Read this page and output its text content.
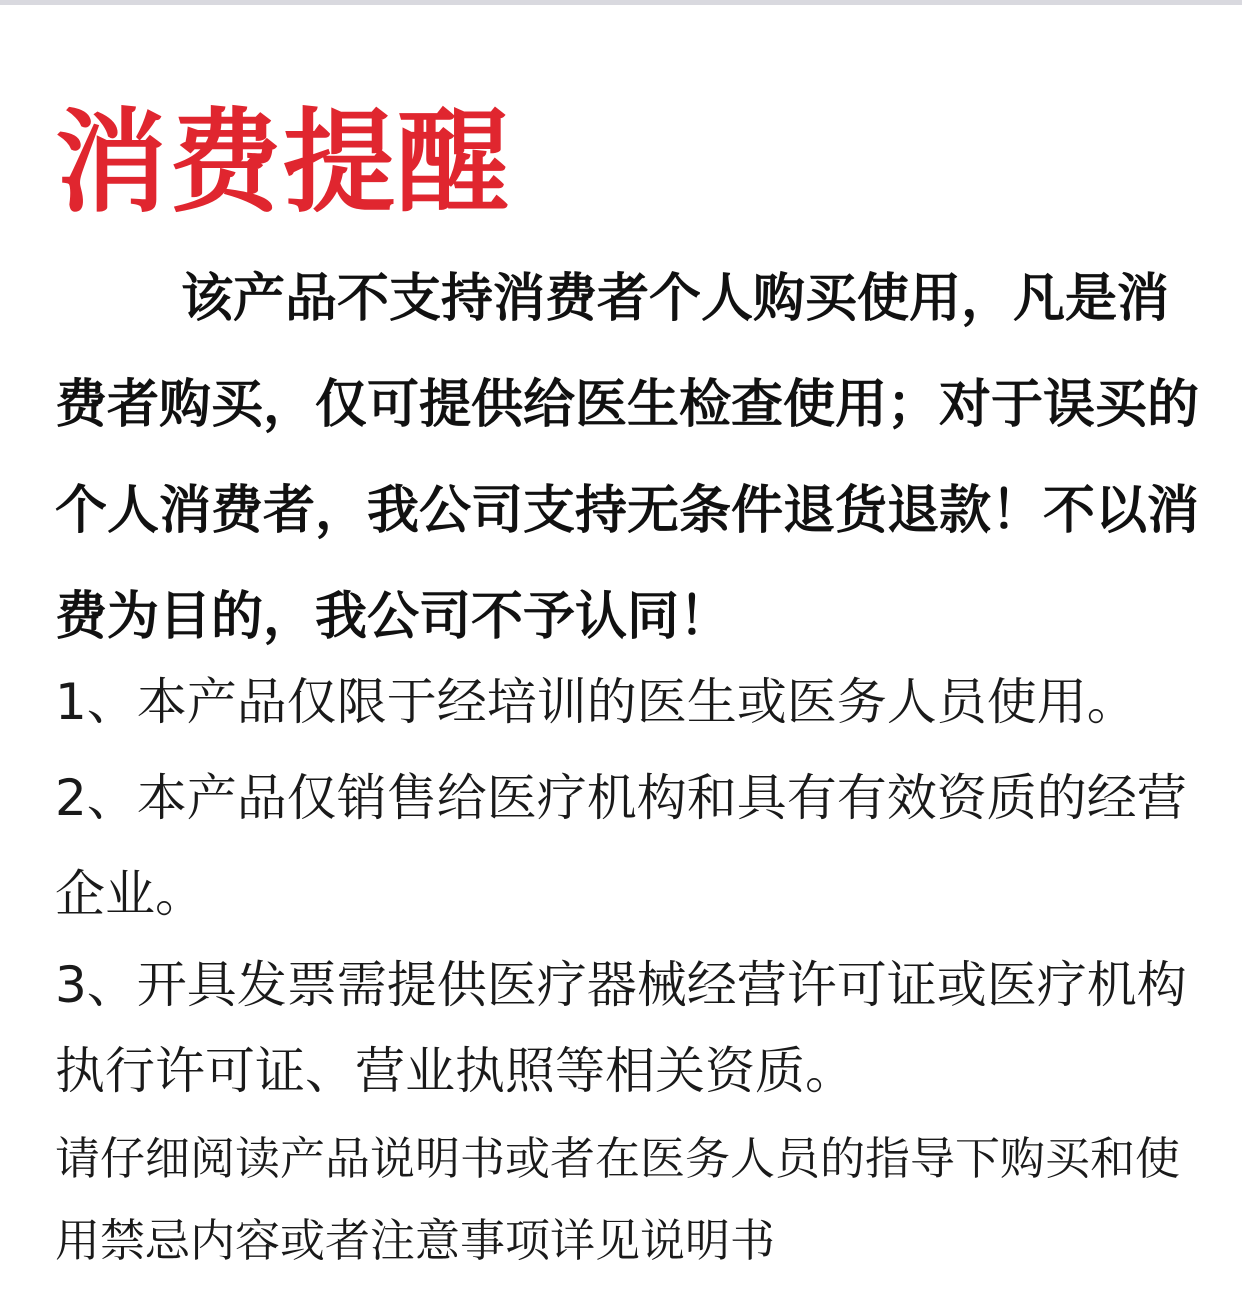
消费提醒
该产品不支持消费者个人购买使用，凡是消费者购买，仅可提供给医生检查使用；对于误买的个人消费者，我公司支持无条件退货退款！不以消费为目的，我公司不予认同！
1、本产品仅限于经培训的医生或医务人员使用。
2、本产品仅销售给医疗机构和具有有效资质的经营企业。
3、开具发票需提供医疗器械经营许可证或医疗机构执行许可证、营业执照等相关资质。
请仔细阅读产品说明书或者在医务人员的指导下购买和使用禁忌内容或者注意事项详见说明书
